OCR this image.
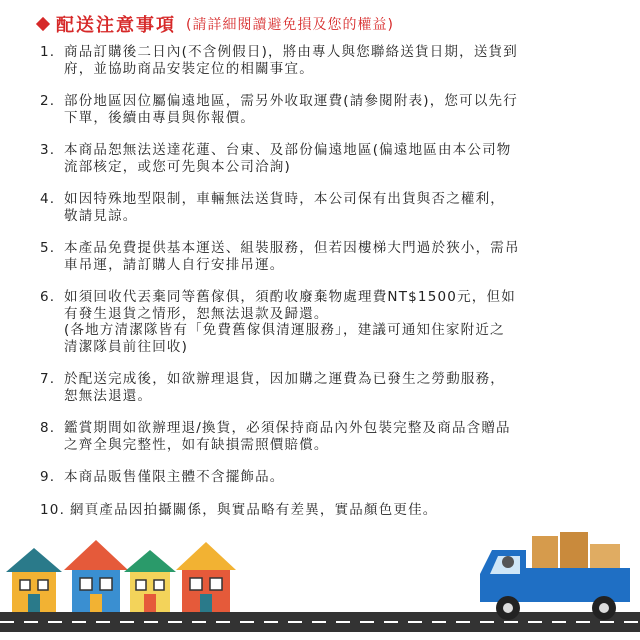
配送注意事項 (請詳細閱讀避免損及您的權益)
1. 商品訂購後二日內(不含例假日)，將由專人與您聯絡送貨日期，送貨到
府，並協助商品安裝定位的相關事宜。
2. 部份地區因位屬偏遠地區，需另外收取運費(請參閱附表)，您可以先行
下單，後續由專員與你報價。
3. 本商品恕無法送達花蓮、台東、及部份偏遠地區(偏遠地區由本公司物
流部核定，或您可先與本公司洽詢)
4. 如因特殊地型限制，車輛無法送貨時，本公司保有出貨與否之權利，
敬請見諒。
5. 本產品免費提供基本運送、組裝服務，但若因樓梯大門過於狹小，需吊
車吊運，請訂購人自行安排吊運。
6. 如須回收代丟棄同等舊傢俱，須酌收廢棄物處理費NT$1500元，但如
有發生退貨之情形，恕無法退款及歸還。
(各地方清潔隊皆有「免費舊傢俱清運服務」，建議可通知住家附近之
清潔隊員前往回收)
7. 於配送完成後，如欲辦理退貨，因加購之運費為已發生之勞動服務，
恕無法退還。
8. 鑑賞期間如欲辦理退/換貨，必須保持商品內外包裝完整及商品含贈品
之齊全與完整性，如有缺損需照價賠償。
9. 本商品販售僅限主體不含擺飾品。
10. 網頁產品因拍攝關係，與實品略有差異，實品顏色更佳。
